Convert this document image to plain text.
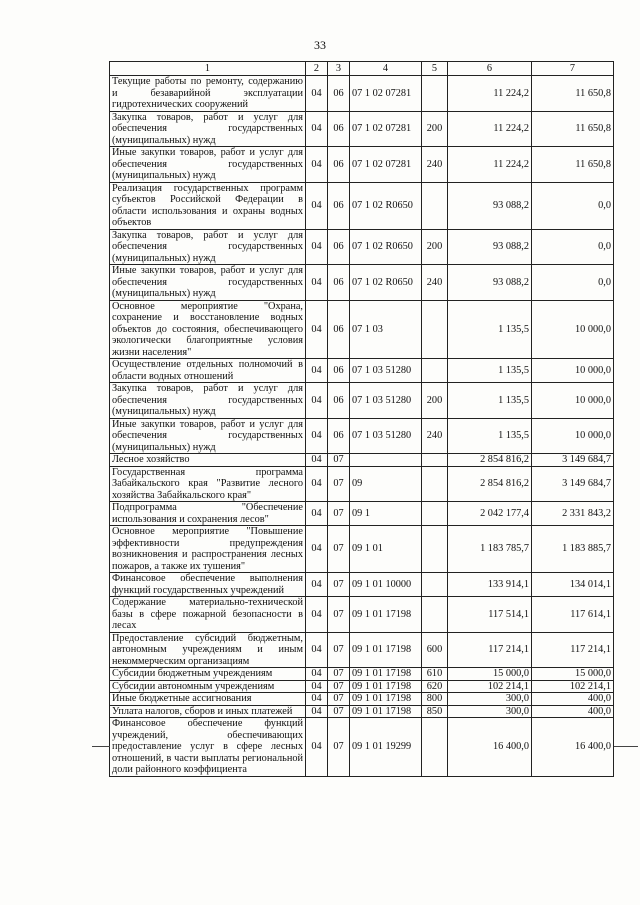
33
1	2	3	4	5	6	7
Текущие работы по ремонту, содержанию и безаварийной эксплуатации гидротехнических сооружений	04	06	07 1 02 07281		11 224,2	11 650,8
Закупка товаров, работ и услуг для обеспечения государственных (муниципальных) нужд	04	06	07 1 02 07281	200	11 224,2	11 650,8
Иные закупки товаров, работ и услуг для обеспечения государственных (муниципальных) нужд	04	06	07 1 02 07281	240	11 224,2	11 650,8
Реализация государственных программ субъектов Российской Федерации в области использования и охраны водных объектов	04	06	07 1 02 R0650		93 088,2	0,0
Закупка товаров, работ и услуг для обеспечения государственных (муниципальных) нужд	04	06	07 1 02 R0650	200	93 088,2	0,0
Иные закупки товаров, работ и услуг для обеспечения государственных (муниципальных) нужд	04	06	07 1 02 R0650	240	93 088,2	0,0
Основное мероприятие "Охрана, сохранение и восстановление водных объектов до состояния, обеспечивающего экологически благоприятные условия жизни населения"	04	06	07 1 03		1 135,5	10 000,0
Осуществление отдельных полномочий в области водных отношений	04	06	07 1 03 51280		1 135,5	10 000,0
Закупка товаров, работ и услуг для обеспечения государственных (муниципальных) нужд	04	06	07 1 03 51280	200	1 135,5	10 000,0
Иные закупки товаров, работ и услуг для обеспечения государственных (муниципальных) нужд	04	06	07 1 03 51280	240	1 135,5	10 000,0
Лесное хозяйство	04	07			2 854 816,2	3 149 684,7
Государственная программа Забайкальского края "Развитие лесного хозяйства Забайкальского края"	04	07	09		2 854 816,2	3 149 684,7
Подпрограмма "Обеспечение использования и сохранения лесов"	04	07	09 1		2 042 177,4	2 331 843,2
Основное мероприятие "Повышение эффективности предупреждения возникновения и распространения лесных пожаров, а также их тушения"	04	07	09 1 01		1 183 785,7	1 183 885,7
Финансовое обеспечение выполнения функций государственных учреждений	04	07	09 1 01 10000		133 914,1	134 014,1
Содержание материально-технической базы в сфере пожарной безопасности в лесах	04	07	09 1 01 17198		117 514,1	117 614,1
Предоставление субсидий бюджетным, автономным учреждениям и иным некоммерческим организациям	04	07	09 1 01 17198	600	117 214,1	117 214,1
Субсидии бюджетным учреждениям	04	07	09 1 01 17198	610	15 000,0	15 000,0
Субсидии автономным учреждениям	04	07	09 1 01 17198	620	102 214,1	102 214,1
Иные бюджетные ассигнования	04	07	09 1 01 17198	800	300,0	400,0
Уплата налогов, сборов и иных платежей	04	07	09 1 01 17198	850	300,0	400,0
Финансовое обеспечение функций учреждений, обеспечивающих предоставление услуг в сфере лесных отношений, в части выплаты региональной доли районного коэффициента	04	07	09 1 01 19299		16 400,0	16 400,0
